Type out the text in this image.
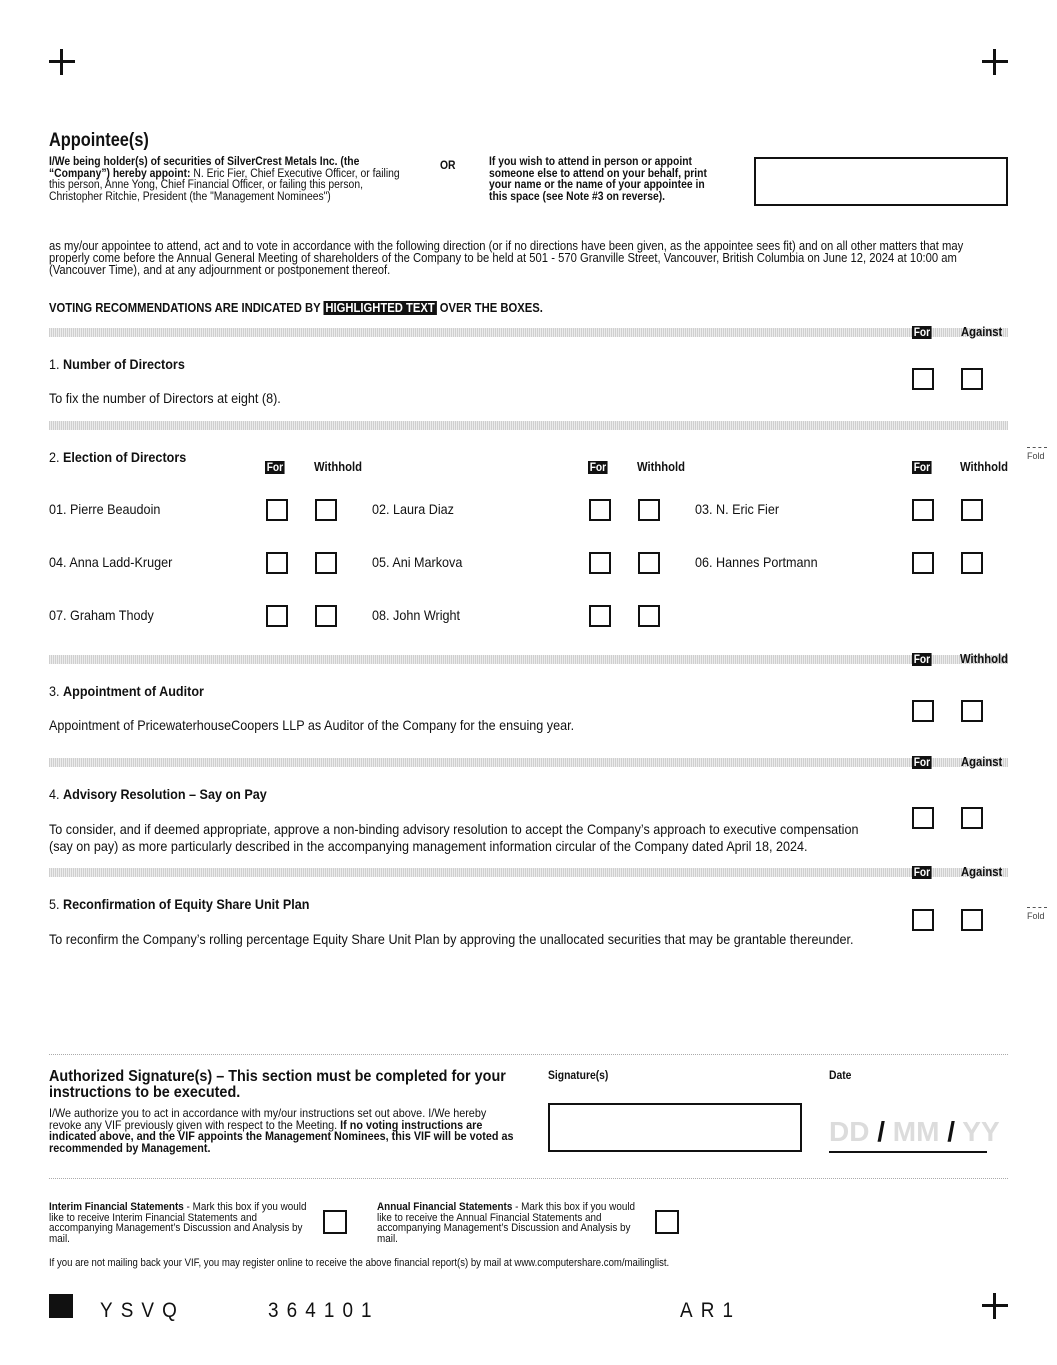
Appointee(s)
I/We being holder(s) of securities of SilverCrest Metals Inc. (the “Company”) hereby appoint: N. Eric Fier, Chief Executive Officer, or failing this person, Anne Yong, Chief Financial Officer, or failing this person, Christopher Ritchie, President (the "Management Nominees")
OR	If you wish to attend in person or appoint someone else to attend on your behalf, print your name or the name of your appointee in this space (see Note #3 on reverse).
as my/our appointee to attend, act and to vote in accordance with the following direction (or if no directions have been given, as the appointee sees fit) and on all other matters that may properly come before the Annual General Meeting of shareholders of the Company to be held at 501 - 570 Granville Street, Vancouver, British Columbia on June 12, 2024 at 10:00 am (Vancouver Time), and at any adjournment or postponement thereof.
VOTING RECOMMENDATIONS ARE INDICATED BY HIGHLIGHTED TEXT OVER THE BOXES.
For Against
1. Number of Directors
To fix the number of Directors at eight (8).
Fold
2. Election of Directors
For Withhold	For Withhold	For Withhold
01. Pierre Beaudoin	02. Laura Diaz	03. N. Eric Fier
04. Anna Ladd-Kruger	05. Ani Markova	06. Hannes Portmann
07. Graham Thody	08. John Wright
For Withhold
3. Appointment of Auditor
Appointment of PricewaterhouseCoopers LLP as Auditor of the Company for the ensuing year.
For Against
4. Advisory Resolution – Say on Pay
To consider, and if deemed appropriate, approve a non-binding advisory resolution to accept the Company’s approach to executive compensation
(say on pay) as more particularly described in the accompanying management information circular of the Company dated April 18, 2024.
For Against
Fold
5. Reconfirmation of Equity Share Unit Plan
To reconfirm the Company’s rolling percentage Equity Share Unit Plan by approving the unallocated securities that may be grantable thereunder.
Authorized Signature(s) – This section must be completed for your instructions to be executed.
I/We authorize you to act in accordance with my/our instructions set out above. I/We hereby revoke any VIF previously given with respect to the Meeting. If no voting instructions are indicated above, and the VIF appoints the Management Nominees, this VIF will be voted as recommended by Management.
Signature(s)	Date
DD / MM / YY
Interim Financial Statements - Mark this box if you would like to receive Interim Financial Statements and accompanying Management’s Discussion and Analysis by mail.
Annual Financial Statements - Mark this box if you would like to receive the Annual Financial Statements and accompanying Management’s Discussion and Analysis by mail.
If you are not mailing back your VIF, you may register online to receive the above financial report(s) by mail at www.computershare.com/mailinglist.
YSVQ	364101	AR1
